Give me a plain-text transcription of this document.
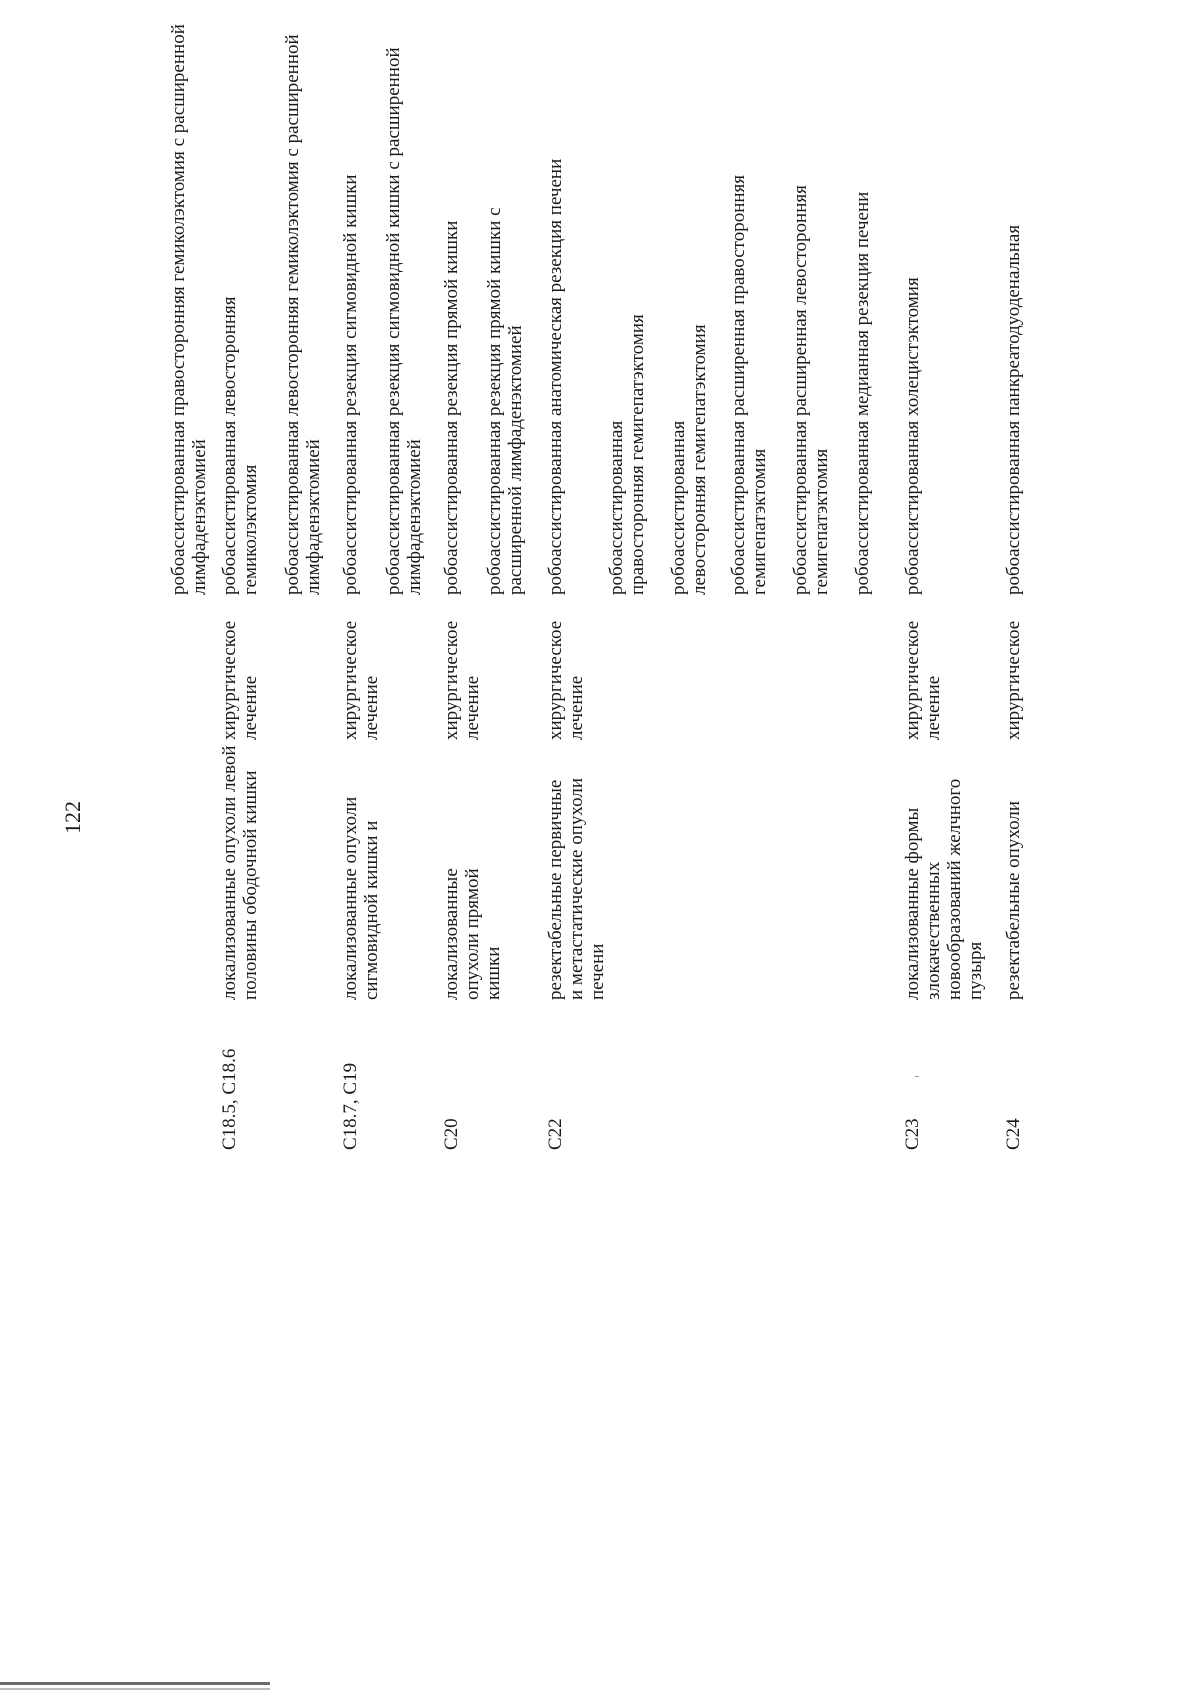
122
робоассистированная правосторонняя гемиколэктомия с расширенной лимфаденэктомией
C18.5, C18.6
локализованные опухоли левой половины ободочной кишки
хирургическое лечение
робоассистированная левосторонняя гемиколэктомия робоассистированная левосторонняя гемиколэктомия с расширенной лимфаденэктомией
C18.7, C19
локализованные опухоли сигмовидной кишки и
хирургическое лечение
робоассистированная резекция сигмовидной кишки робоассистированная резекция сигмовидной кишки с расширенной лимфаденэктомией
C20
локализованные опухоли прямой кишки
хирургическое лечение
робоассистированная резекция прямой кишки робоассистированная резекция прямой кишки с расширенной лимфаденэктомией
C22
резектабельные первичные и метастатические опухоли печени
хирургическое лечение
робоассистированная анатомическая резекция печени робоассистированная правосторонняя гемигепатэктомия робоассистированная левосторонняя гемигепатэктомия робоассистированная расширенная правосторонняя гемигепатэктомия робоассистированная расширенная левосторонняя гемигепатэктомия робоассистированная медианная резекция печени
C23
локализованные формы злокачественных новообразований желчного пузыря
хирургическое лечение
робоассистированная холецистэктомия
C24
резектабельные опухоли
хирургическое
робоассистированная панкреатодуоденальная
